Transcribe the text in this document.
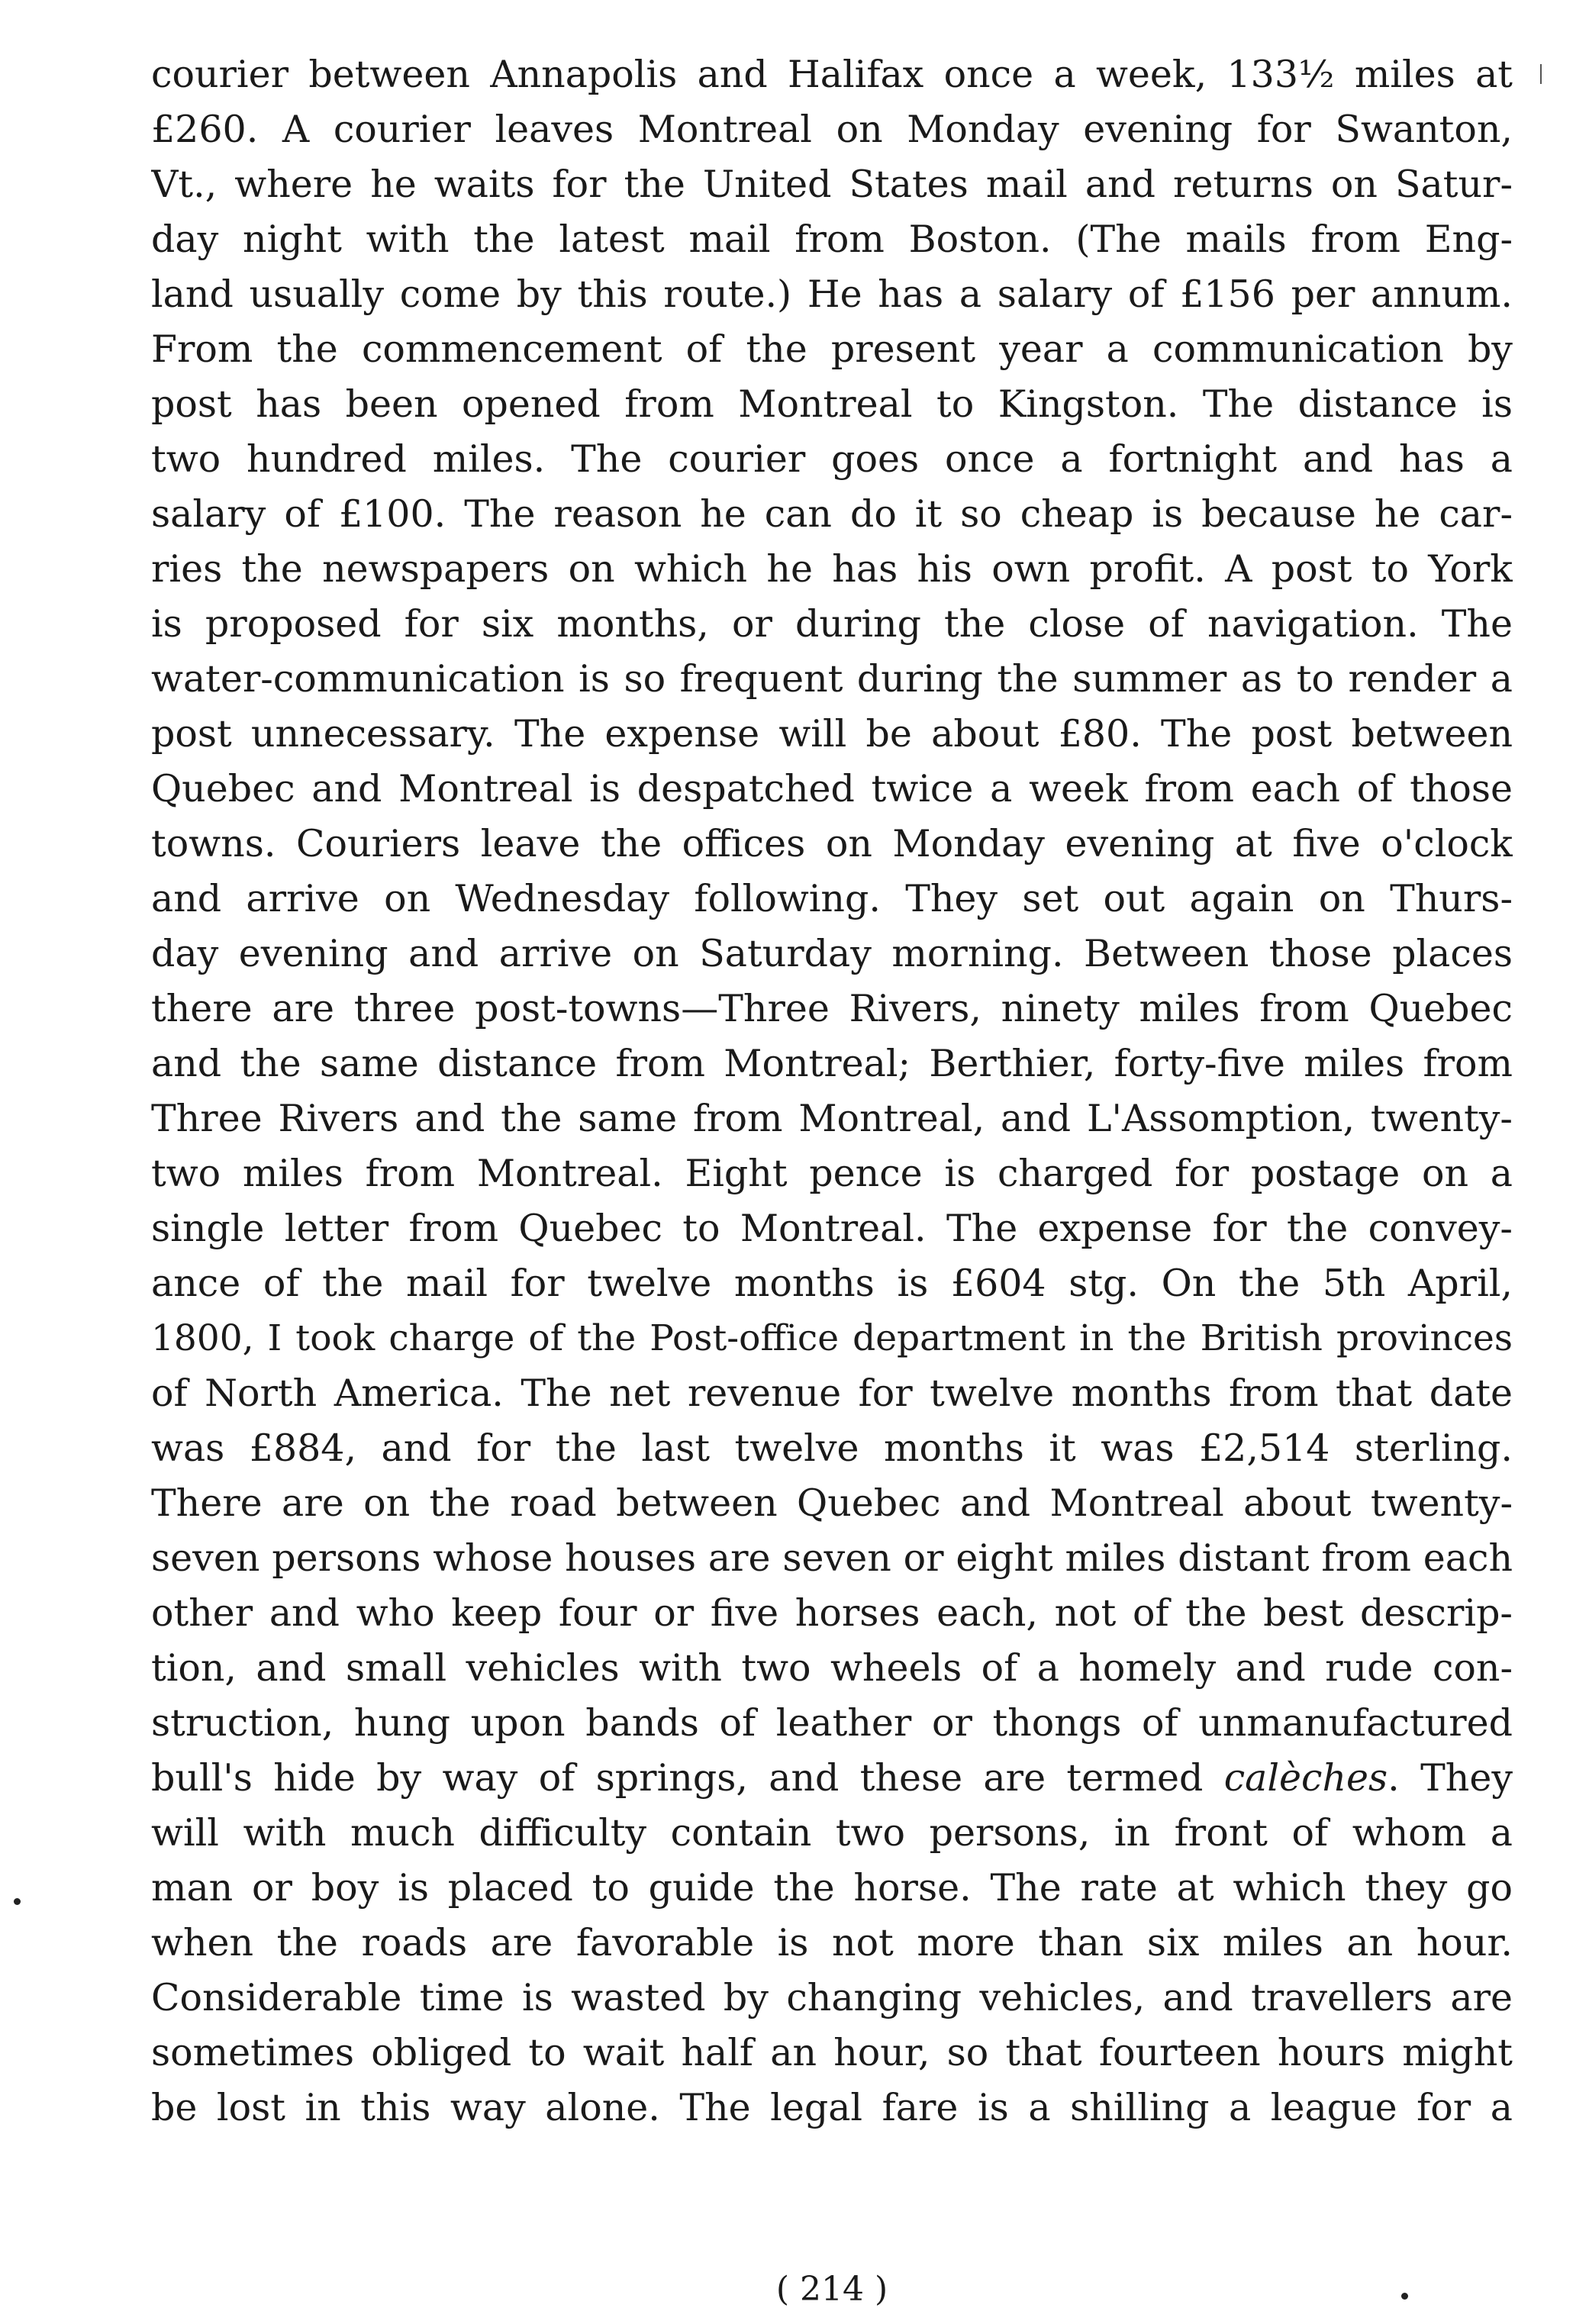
courier between Annapolis and Halifax once a week, 133½ miles at
£260. A courier leaves Montreal on Monday evening for Swanton,
Vt., where he waits for the United States mail and returns on Satur-
day night with the latest mail from Boston. (The mails from Eng-
land usually come by this route.) He has a salary of £156 per annum.
From the commencement of the present year a communication by
post has been opened from Montreal to Kingston. The distance is
two hundred miles. The courier goes once a fortnight and has a
salary of £100. The reason he can do it so cheap is because he car-
ries the newspapers on which he has his own profit. A post to York
is proposed for six months, or during the close of navigation. The
water-communication is so frequent during the summer as to render a
post unnecessary. The expense will be about £80. The post between
Quebec and Montreal is despatched twice a week from each of those
towns. Couriers leave the offices on Monday evening at five o'clock
and arrive on Wednesday following. They set out again on Thurs-
day evening and arrive on Saturday morning. Between those places
there are three post-towns—Three Rivers, ninety miles from Quebec
and the same distance from Montreal; Berthier, forty-five miles from
Three Rivers and the same from Montreal, and L'Assomption, twenty-
two miles from Montreal. Eight pence is charged for postage on a
single letter from Quebec to Montreal. The expense for the convey-
ance of the mail for twelve months is £604 stg. On the 5th April,
1800, I took charge of the Post-office department in the British provinces
of North America. The net revenue for twelve months from that date
was £884, and for the last twelve months it was £2,514 sterling.
There are on the road between Quebec and Montreal about twenty-
seven persons whose houses are seven or eight miles distant from each
other and who keep four or five horses each, not of the best descrip-
tion, and small vehicles with two wheels of a homely and rude con-
struction, hung upon bands of leather or thongs of unmanufactured
bull's hide by way of springs, and these are termed calèches. They
will with much difficulty contain two persons, in front of whom a
man or boy is placed to guide the horse. The rate at which they go
when the roads are favorable is not more than six miles an hour.
Considerable time is wasted by changing vehicles, and travellers are
sometimes obliged to wait half an hour, so that fourteen hours might
be lost in this way alone. The legal fare is a shilling a league for a
( 214 )
